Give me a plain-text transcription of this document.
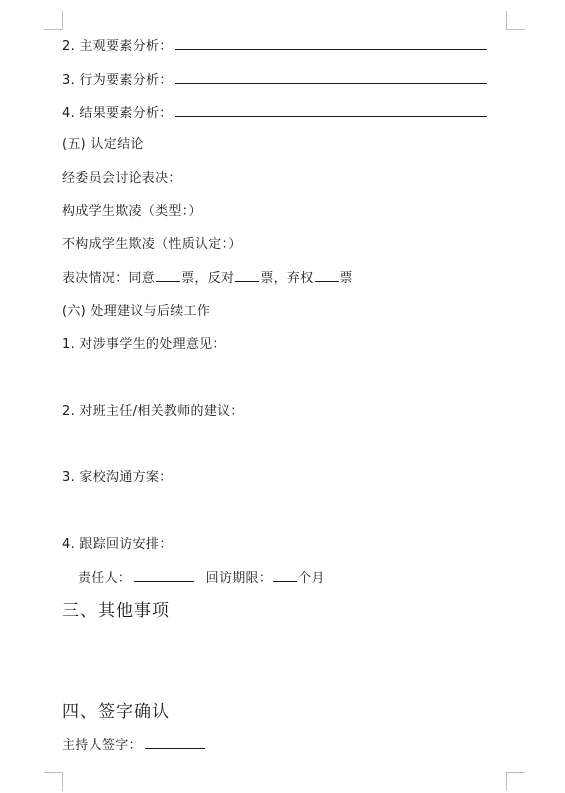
2. 主观要素分析：
3. 行为要素分析：
4. 结果要素分析：
(五) 认定结论
经委员会讨论表决：
构成学生欺凌（类型：）
不构成学生欺凌（性质认定：）
表决情况：同意 票，反对 票，弃权 票
(六) 处理建议与后续工作
1. 对涉事学生的处理意见：
2. 对班主任/相关教师的建议：
3. 家校沟通方案：
4. 跟踪回访安排：
责任人：	回访期限： 个月
三、其他事项
四、签字确认
主持人签字：
